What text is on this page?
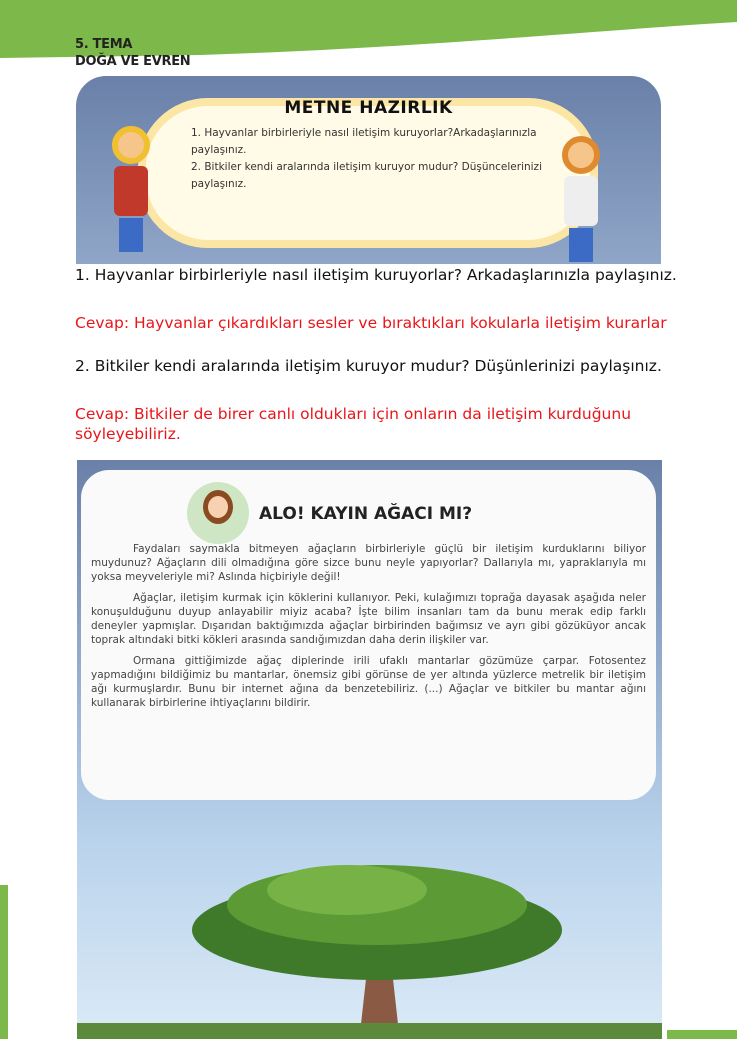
5. TEMA
DOĞA VE EVREN
METNE HAZIRLIK
1. Hayvanlar birbirleriyle nasıl iletişim kuruyorlar?Arkadaşlarınızla paylaşınız.
2. Bitkiler kendi aralarında iletişim kuruyor mudur? Düşüncelerinizi paylaşınız.
1. Hayvanlar birbirleriyle nasıl iletişim kuruyorlar? Arkadaşlarınızla paylaşınız.
Cevap: Hayvanlar çıkardıkları sesler ve bıraktıkları kokularla iletişim kurarlar
2. Bitkiler kendi aralarında iletişim kuruyor mudur? Düşünlerinizi paylaşınız.
Cevap: Bitkiler de birer canlı oldukları için onların da iletişim kurduğunu söyleyebiliriz.
ALO! KAYIN AĞACI MI?

Faydaları saymakla bitmeyen ağaçların birbirleriyle güçlü bir iletişim kurduklarını biliyor muydunuz? Ağaçların dili olmadığına göre sizce bunu neyle yapıyorlar? Dallarıyla mı, yapraklarıyla mı yoksa meyveleriyle mi? Aslında hiçbiriyle değil!

Ağaçlar, iletişim kurmak için köklerini kullanıyor. Peki, kulağımızı toprağa dayasak aşağıda neler konuşulduğunu duyup anlayabilir miyiz acaba? İşte bilim insanları tam da bunu merak edip farklı deneyler yapmışlar. Dışarıdan baktığımızda ağaçlar birbirinden bağımsız ve ayrı gibi gözüküyor ancak toprak altındaki bitki kökleri arasında sandığımızdan daha derin ilişkiler var.

Ormana gittiğimizde ağaç diplerinde irili ufaklı mantarlar gözümüze çarpar. Fotosentez yapmadığını bildiğimiz bu mantarlar, önemsiz gibi görünse de yer altında yüzlerce metrelik bir iletişim ağı kurmuşlardır. Bunu bir internet ağına da benzetebiliriz. (...) Ağaçlar ve bitkiler bu mantar ağını kullanarak birbirlerine ihtiyaçlarını bildirir.
